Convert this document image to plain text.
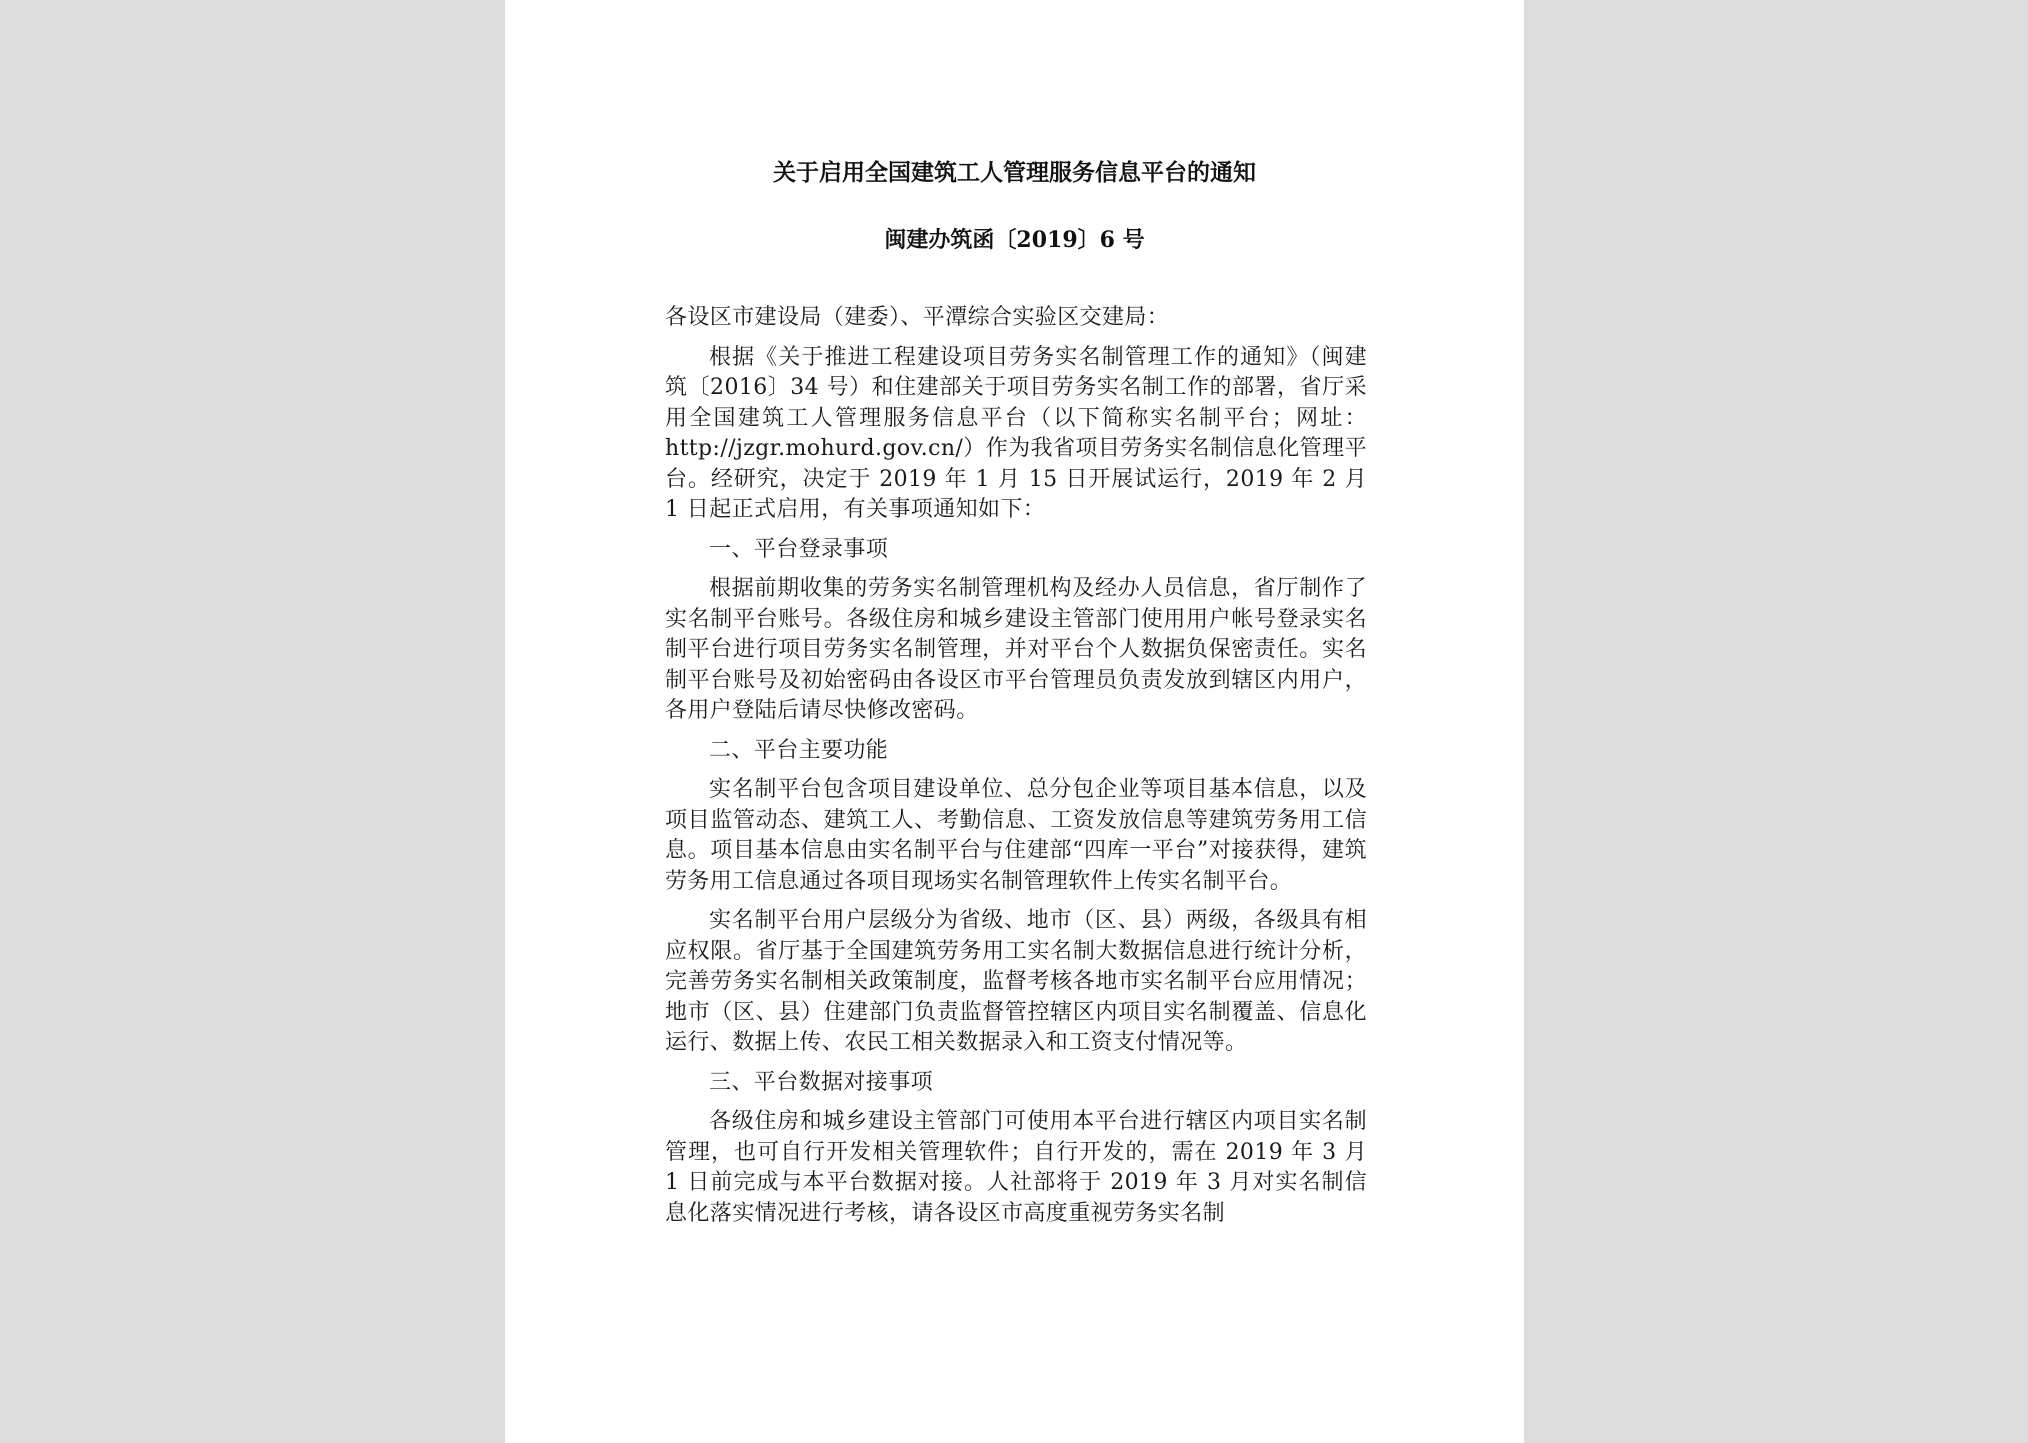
关于启用全国建筑工人管理服务信息平台的通知
闽建办筑函〔2019〕6 号

各设区市建设局（建委）、平潭综合实验区交建局：

根据《关于推进工程建设项目劳务实名制管理工作的通知》（闽建筑〔2016〕34 号）和住建部关于项目劳务实名制工作的部署，省厅采用全国建筑工人管理服务信息平台（以下简称实名制平台；网址：http://jzgr.mohurd.gov.cn/）作为我省项目劳务实名制信息化管理平台。经研究，决定于 2019 年 1 月 15 日开展试运行，2019 年 2 月 1 日起正式启用，有关事项通知如下：

一、平台登录事项

根据前期收集的劳务实名制管理机构及经办人员信息，省厅制作了实名制平台账号。各级住房和城乡建设主管部门使用用户帐号登录实名制平台进行项目劳务实名制管理，并对平台个人数据负保密责任。实名制平台账号及初始密码由各设区市平台管理员负责发放到辖区内用户，各用户登陆后请尽快修改密码。

二、平台主要功能

实名制平台包含项目建设单位、总分包企业等项目基本信息，以及项目监管动态、建筑工人、考勤信息、工资发放信息等建筑劳务用工信息。项目基本信息由实名制平台与住建部“四库一平台”对接获得，建筑劳务用工信息通过各项目现场实名制管理软件上传实名制平台。

实名制平台用户层级分为省级、地市（区、县）两级，各级具有相应权限。省厅基于全国建筑劳务用工实名制大数据信息进行统计分析，完善劳务实名制相关政策制度，监督考核各地市实名制平台应用情况；地市（区、县）住建部门负责监督管控辖区内项目实名制覆盖、信息化运行、数据上传、农民工相关数据录入和工资支付情况等。

三、平台数据对接事项

各级住房和城乡建设主管部门可使用本平台进行辖区内项目实名制管理，也可自行开发相关管理软件；自行开发的，需在 2019 年 3 月 1 日前完成与本平台数据对接。人社部将于 2019 年 3 月对实名制信息化落实情况进行考核，请各设区市高度重视劳务实名制
